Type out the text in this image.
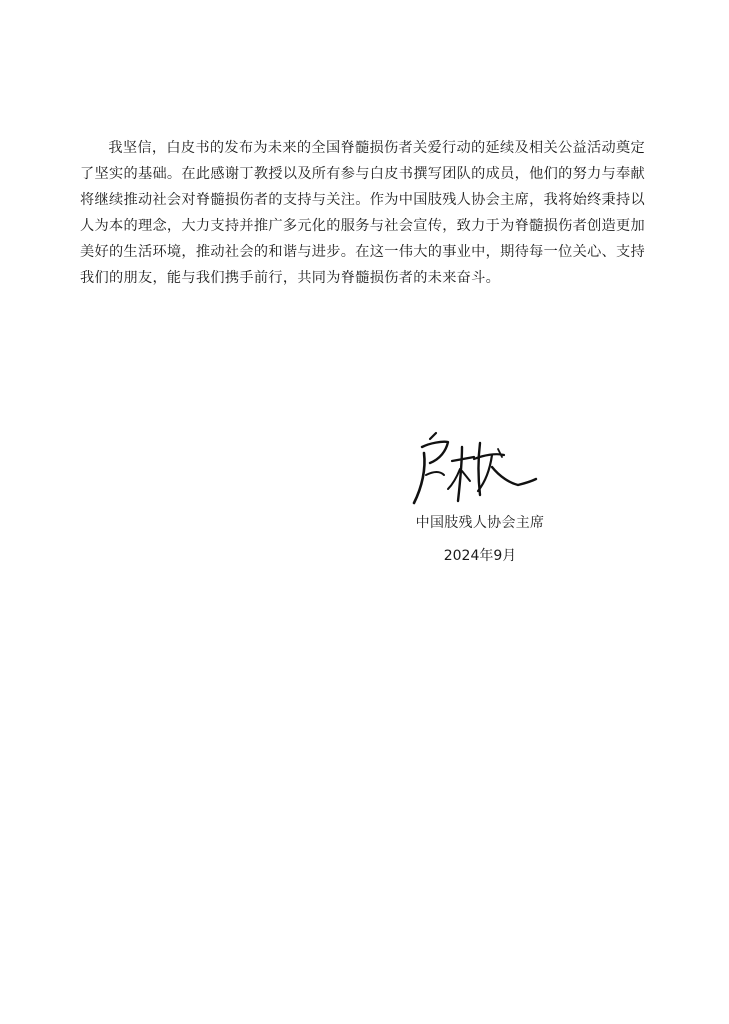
我坚信，白皮书的发布为未来的全国脊髓损伤者关爱行动的延续及相关公益活动奠定了坚实的基础。在此感谢丁教授以及所有参与白皮书撰写团队的成员，他们的努力与奉献将继续推动社会对脊髓损伤者的支持与关注。作为中国肢残人协会主席，我将始终秉持以人为本的理念，大力支持并推广多元化的服务与社会宣传，致力于为脊髓损伤者创造更加美好的生活环境，推动社会的和谐与进步。在这一伟大的事业中，期待每一位关心、支持我们的朋友，能与我们携手前行，共同为脊髓损伤者的未来奋斗。

中国肢残人协会主席

2024年9月
